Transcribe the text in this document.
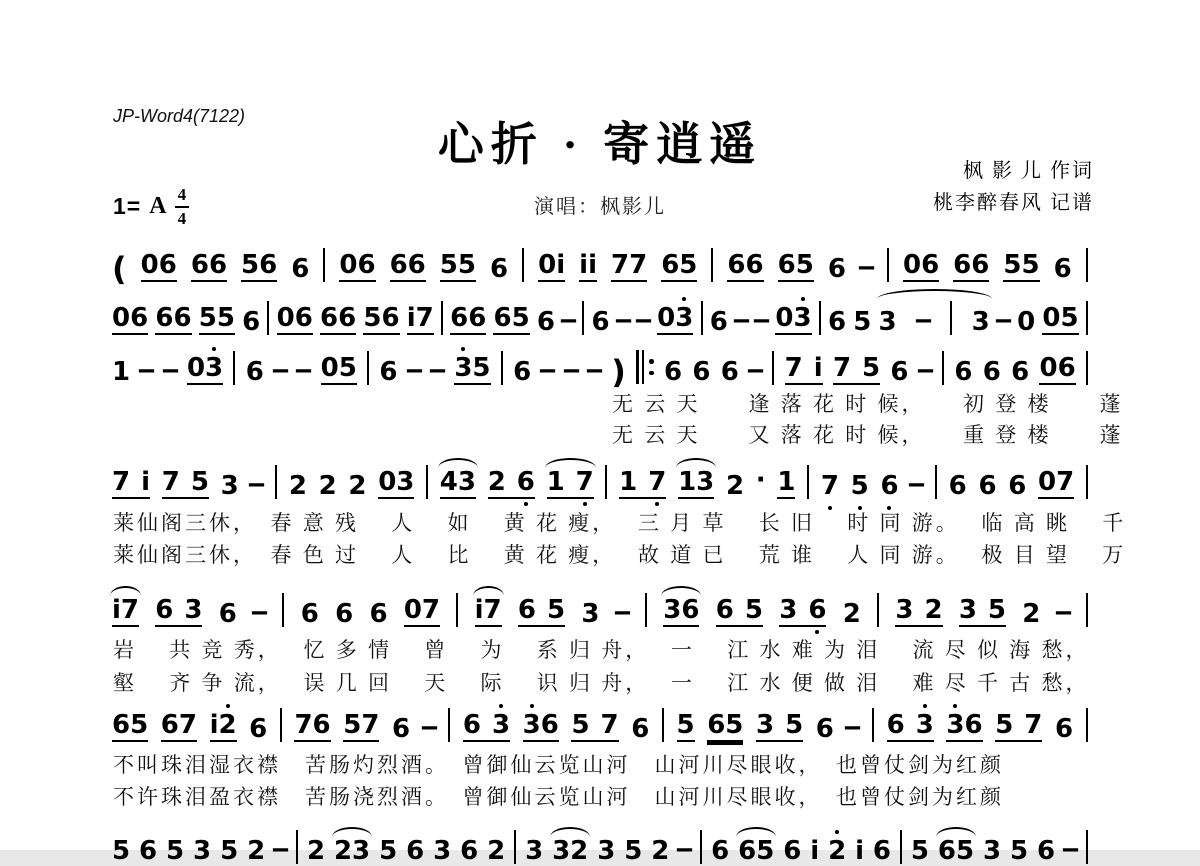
JP-Word4(7122)
心折 · 寄逍遥
1= A $\frac{4}{4}$	演唱：枫影儿
枫 影 儿 作词
桃李醉春风 记谱
( 0 6 6 6 5 6 6 0 6 6 6 5 5 6 0 i i i 7 7 6 5 6 6 6 5 6 – 0 6 6 6 5 5 6
0 6 6 6 5 5 6 0 6 6 6 5 6 i 7 6 6 6 5 6 – 6 – – 0 3 6 – – 0 3 6 5 3 – 3 – 0 0 5
1 – – 0 3 6 – – 0 5 6 – – 3 5 6 – – – ) 6 6 6 – 7 i 7 5 6 – 6 6 6 0 6
7 i 7 5 3 – 2 2 2 0 3 4 3 2 6 1 7 1 7 1 3 2 · 1 7 5 6 – 6 6 6 0 7
i 7 6 3 6 – 6 6 6 0 7 i 7 6 5 3 – 3 6 6 5 3 6 2 3 2 3 5 2 –
6 5 6 7 i 2 6 7 6 5 7 6 – 6 3 3 6 5 7 6 5 6 5 3 5 6 – 6 3 3 6 5 7 6
5 6 5 3 5 2 – 2 2 3 5 6 3 6 2 3 3 2 3 5 2 – 6 6 5 6 i 2 i 6 5 6 5 3 5 6 –
无 云 天　　逢 落 花 时 候，　　初 登 楼　　蓬
无 云 天　　又 落 花 时 候，　　重 登 楼　　蓬
莱仙阁三休，　春 意 残　 人　 如　 黄 花 瘦，　 三 月 草　 长 旧　 时 同 游。　 临 高 眺　 千
莱仙阁三休，　春 色 过　 人　 比　 黄 花 瘦，　 故 道 已　 荒 谁　 人 同 游。　 极 目 望　 万
岩　 共 竞 秀，　 忆 多 情　 曾　 为　 系 归 舟，　 一　 江 水 难 为 泪　 流 尽 似 海 愁，
壑　 齐 争 流，　 误 几 回　 天　 际　 识 归 舟，　 一　 江 水 便 做 泪　 难 尽 千 古 愁，
不叫珠泪湿衣襟　苦肠灼烈酒。　曾御仙云览山河　山河川尽眼收，　也曾仗剑为红颜
不许珠泪盈衣襟　苦肠浇烈酒。　曾御仙云览山河　山河川尽眼收，　也曾仗剑为红颜
